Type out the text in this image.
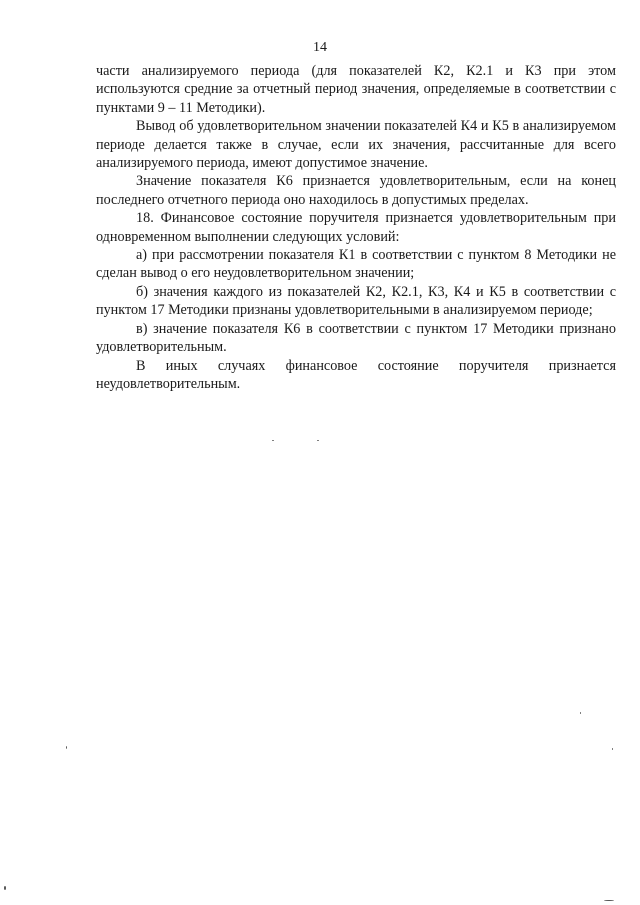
14

части анализируемого периода (для показателей К2, К2.1 и К3 при этом используются средние за отчетный период значения, определяемые в соответствии с пунктами 9 – 11 Методики).

Вывод об удовлетворительном значении показателей К4 и К5 в анализируемом периоде делается также в случае, если их значения, рассчитанные для всего анализируемого периода, имеют допустимое значение.

Значение показателя К6 признается удовлетворительным, если на конец последнего отчетного периода оно находилось в допустимых пределах.

18. Финансовое состояние поручителя признается удовлетворительным при одновременном выполнении следующих условий:

а) при рассмотрении показателя К1 в соответствии с пунктом 8 Методики не сделан вывод о его неудовлетворительном значении;

б) значения каждого из показателей К2, К2.1, К3, К4 и К5 в соответствии с пунктом 17 Методики признаны удовлетворительными в анализируемом периоде;

в) значение показателя К6 в соответствии с пунктом 17 Методики признано удовлетворительным.

В иных случаях финансовое состояние поручителя признается неудовлетворительным.
